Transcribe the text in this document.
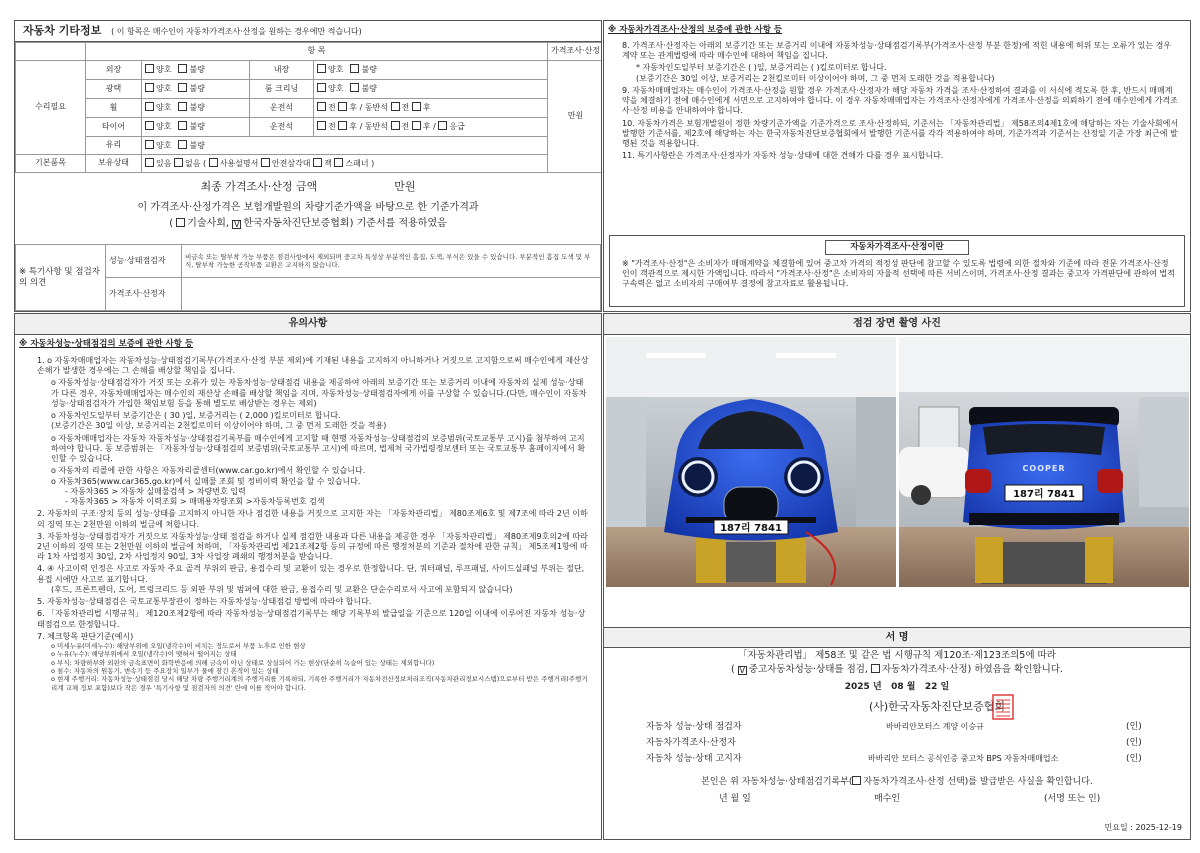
자동차 기타정보 ( 이 항목은 매수인이 자동차가격조사·산정을 원하는 경우에만 적습니다)
	항 목				가격조사·산정
수리필요	외장	양호 불량	내장	양호 불량	만원
	광택	양호 불량	룸 크리닝	양호 불량	
	휠	양호 불량	운전석	전 후 / 동반석 전 후	
	타이어	양호 불량	운전석	전 후 / 동반석 전 후 / 응급	
	유리	양호 불량			
기본품목	보유상태	있음 없음 ( 사용설명서 안전삼각대 잭 스패너 )			
최종 가격조사·산정 금액	만원
이 가격조사·산정가격은 보험개발원의 차량기준가액을 바탕으로 한 기준가격과
( 기술사회, V 한국자동차진단보증협회) 기준서를 적용하였음
※ 특기사항 및 점검자의 의견	성능·상태점검자	비금속 또는 탈부착 가능 부품은 점검사항에서 제외되며 중고차 특성상 부분적인 흠집, 도색, 부식은 있을 수 있습니다. 부분적인 흠집 도색 및 부식, 탈부착 가능한 공작부품 교환은 고지하지 않습니다.
	가격조사·산정자	
※ 자동차가격조사·산정의 보증에 관한 사항 등
8. 가격조사·산정자는 아래의 보증기간 또는 보증거리 이내에 자동차성능·상태점검기록부(가격조사·산정 부분 한정)에 적힌 내용에 허위 또는 오류가 있는 경우 계약 또는 관계법령에 따라 매수인에 대하여 책임을 집니다.
* 자동차인도일부터 보증기간은 ( )일, 보증거리는 ( )킬로미터로 합니다.
(보증기간은 30일 이상, 보증거리는 2천킬로미터 이상이어야 하며, 그 중 먼저 도래한 것을 적용합니다)
9. 자동차매매업자는 매수인이 가격조사·산정을 원할 경우 가격조사·산정자가 해당 자동차 가격을 조사·산정하여 결과를 이 서식에 적도록 한 후, 반드시 매매계약을 체결하기 전에 매수인에게 서면으로 고지하여야 합니다. 이 경우 자동차매매업자는 가격조사·산정자에게 가격조사·산정을 의뢰하기 전에 매수인에게 가격조사·산정 비용을 안내하여야 합니다.
10. 자동차가격은 보험개발원이 정한 차량기준가액을 기준가격으로 조사·산정하되, 기준서는 「자동차관리법」 제58조의4제1호에 해당하는 자는 기술사회에서 발행한 기준서를, 제2호에 해당하는 자는 한국자동차진단보증협회에서 발행한 기준서를 각각 적용하여야 하며, 기준가격과 기준서는 산정일 기준 가장 최근에 발행된 것을 적용합니다.
11. 특기사항란은 가격조사·산정자가 자동차 성능·상태에 대한 견해가 다를 경우 표시합니다.
자동차가격조사·산정이란
※ "가격조사·산정"은 소비자가 매매계약을 체결함에 있어 중고차 가격의 적정성 판단에 참고할 수 있도록 법령에 의한 절차와 기준에 따라 전문 가격조사·산정인이 객관적으로 제시한 가액입니다. 따라서 "가격조사·산정"은 소비자의 자율적 선택에 따른 서비스이며, 가격조사·산정 결과는 중고자 가격판단에 관하여 법적 구속력은 없고 소비자의 구매여부 결정에 참고자료로 활용됩니다.
유의사항
※ 자동차성능·상태점검의 보증에 관한 사항 등
1. o 자동차매매업자는 자동차성능·상태점검기록부(가격조사·산정 부분 제외)에 기재된 내용을 고지하지 아니하거나 거짓으로 고지함으로써 매수인에게 재산상 손해가 발생한 경우에는 그 손해를 배상할 책임을 집니다.
o 자동차성능·상태점검자가 거짓 또는 오류가 있는 자동차성능·상태점검 내용을 제공하여 아래의 보증기간 또는 보증거리 이내에 자동차의 실제 성능·상태가 다른 경우, 자동차매매업자는 매수인의 재산상 손해를 배상할 책임을 지며, 자동차성능·상태점검자에게 이를 구상할 수 있습니다.(다만, 매수인이 자동차성능·상태점검자가 가입한 책임보험 등을 통해 별도로 배상받는 경우는 제외)
o 자동차인도일부터 보증기간은 ( 30 )일, 보증거리는 ( 2,000 )킬로미터로 합니다.
(보증기간은 30일 이상, 보증거리는 2천킬로미터 이상이어야 하며, 그 중 먼저 도래한 것을 적용)
o 자동차매매업자는 자동차 자동차성능·상태점검기록부를 매수인에게 고지할 때 현행 자동차성능·상태점검의 보증범위(국토교통부 고시)를 첨부하여 고지하여야 합니다. 동 보증범위는 「자동차성능·상태점검의 보증범위(국토교통부 고시)에 따르며, 법제처 국가법령정보센터 또는 국토교통부 홈페이지에서 확인할 수 있습니다.
o 자동차의 리콜에 관한 사항은 자동차리콜센터(www.car.go.kr)에서 확인할 수 있습니다.
o 자동차365(www.car365.go.kr)에서 실매물 조회 및 정비이력 확인을 할 수 있습니다.
- 자동차365 > 자동차 실매물검색 > 차량번호 입력
- 자동차365 > 자동차 이력조회 > 매매용차량조회 >자동차등록번호 검색
2. 자동차의 구조·장치 등의 성능·상태를 고지하지 아니한 자나 점검한 내용을 거짓으로 고지한 자는 「자동차관리법」 제80조제6호 및 제7조에 따라 2년 이하의 징역 또는 2천만원 이하의 벌금에 처합니다.
3. 자동차성능·상태점검자가 거짓으로 자동차성능·상태 점검을 하거나 실제 점검한 내용과 다른 내용을 제공한 경우 「자동차관리법」 제80조제9호의2에 따라 2년 이하의 징역 또는 2천만원 이하의 벌금에 처하며, 「자동차관리법 제21조제2항 등의 규정에 따른 행정처분의 기준과 절차에 관한 규칙」 제5조제1항에 따라 1차 사업정지 30일, 2차 사업정지 90일, 3차 사업장 폐쇄의 행정처분을 받습니다.
4. ④ 사고이력 인정은 사고로 자동차 주요 골격 부위의 판금, 용접수리 및 교환이 있는 경우로 한정합니다. 단, 쿼터패널, 루프패널, 사이드실패널 부위는 절단, 용접 시에만 사고로 표기합니다.
(후드, 프론트펜더, 도어, 트렁크리드 등 외판 부위 및 범퍼에 대한 판금, 용접수리 및 교환은 단순수리로서 사고에 포함되지 않습니다)
5. 자동차성능·상태점검은 국토교통부장관이 정하는 자동차성능·상태점검 방법에 따라야 합니다.
6. 「자동차관리법 시행규칙」 제120조제2항에 따라 자동차성능·상태점검기록부는 해당 기록부의 발급일을 기준으로 120일 이내에 이루어진 자동차 성능·상태점검으로 한정합니다.
7. 체크항목 판단기준(예시)
o 미세누유(미세누수): 해당부위에 오일(냉각수)이 비치는 정도로서 부품 노후로 인한 현상
o 누유(누수): 해당부위에서 오일(냉각수)이 맺혀서 떨어지는 상태
o 부식: 차량하부와 외판의 금속표면이 화학반응에 의해 금속이 아닌 상태로 상실되어 가는 현상(단순히 녹슬어 있는 상태는 제외합니다)
o 침수: 자동차의 원동기, 변속기 등 주요장치 일부가 물에 잠긴 흔적이 있는 상태
o 현재 주행거리: 자동차성능·상태점검 당시 해당 차량 주행거리계의 주행거리를 기록하되, 기록한 주행거리가 자동차전산정보처리조직(자동차관리정보시스템)으로부터 받은 주행거리(주행거리계 교체 정보 포함)보다 작은 경우 '특기사항 및 점검자의 의견' 란에 이를 적어야 합니다.
점검 장면 촬영 사진
187리 7841
COOPER
187리 7841
서 명
「자동차관리법」 제58조 및 같은 법 시행규칙 제120조·제123조의5에 따라
( V 중고자동차성능·상태를 점검, 자동차가격조사·산정) 하였음을 확인합니다.
2025 년 08 월 22 일
(사)한국자동차진단보증협회
자동차 성능·상태 점검자	바바리안모터스 계양 이승규	(인)
자동차가격조사·산정자	(인)
자동차 성능·상태 고지자	바바리안 모터스 공식인증 중고차 BPS 자동차매매업소	(인)
본인은 위 자동차성능·상태점검기록부( 자동차가격조사·산정 선택)를 발급받은 사실을 확인합니다.
년 월 일	매수인	(서명 또는 인)
민요일 : 2025-12-19
